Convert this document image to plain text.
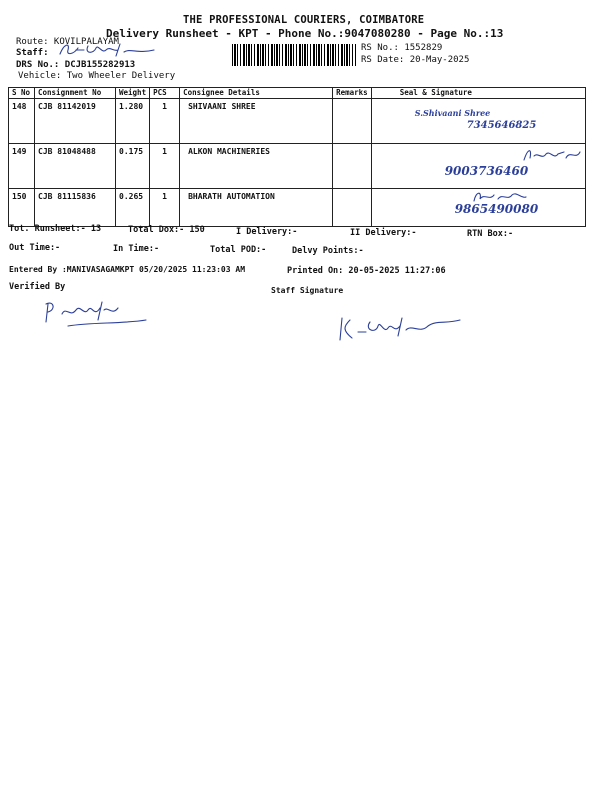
THE PROFESSIONAL COURIERS, COIMBATORE
Delivery Runsheet - KPT - Phone No.:9047080280 - Page No.:13
Route: KOVILPALAYAM
Staff:
DRS No.: DCJB155282913
Vehicle: Two Wheeler Delivery
RS No.: 1552829
RS Date: 20-May-2025
S No	Consignment No	Weight	PCS	Consignee Details	Remarks	Seal & Signature
148	CJB 81142019	1.280	1	SHIVAANI SHREE		S.Shivaani Shree
7345646825

149	CJB 81048488	0.175	1	ALKON MACHINERIES		9003736460

150	CJB 81115836	0.265	1	BHARATH AUTOMATION		9865490080
Tot. Runsheet:- 13	Total Dox:- 150	I Delivery:-	II Delivery:-	RTN Box:-
Out Time:-	In Time:-	Total POD:-	Delvy Points:-
Entered By :MANIVASAGAMKPT 05/20/2025 11:23:03 AM	Printed On: 20-05-2025 11:27:06
Verified By	Staff Signature
